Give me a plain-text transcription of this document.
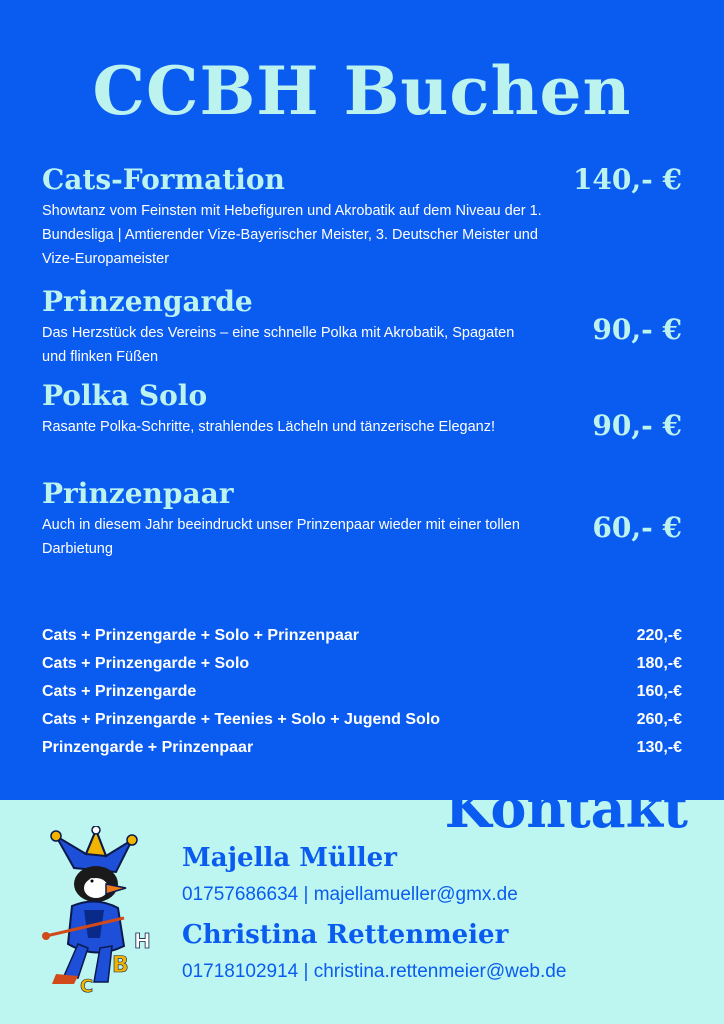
CCBH Buchen
Cats-Formation	140,- €
Showtanz vom Feinsten mit Hebefiguren und Akrobatik auf dem Niveau der 1. Bundesliga | Amtierender Vize-Bayerischer Meister, 3. Deutscher Meister und Vize-Europameister
Prinzengarde
90,- €
Das Herzstück des Vereins – eine schnelle Polka mit Akrobatik, Spagaten und flinken Füßen
Polka Solo
90,- €
Rasante Polka-Schritte, strahlendes Lächeln und tänzerische Eleganz!
Prinzenpaar
60,- €
Auch in diesem Jahr beeindruckt unser Prinzenpaar wieder mit einer tollen Darbietung
Cats + Prinzengarde + Solo + Prinzenpaar	220,-€
Cats + Prinzengarde + Solo	180,-€
Cats + Prinzengarde	160,-€
Cats + Prinzengarde + Teenies + Solo + Jugend Solo	260,-€
Prinzengarde + Prinzenpaar	130,-€
Kontakt
C
B
H
Majella Müller
01757686634 | majellamueller@gmx.de
Christina Rettenmeier
01718102914 | christina.rettenmeier@web.de
